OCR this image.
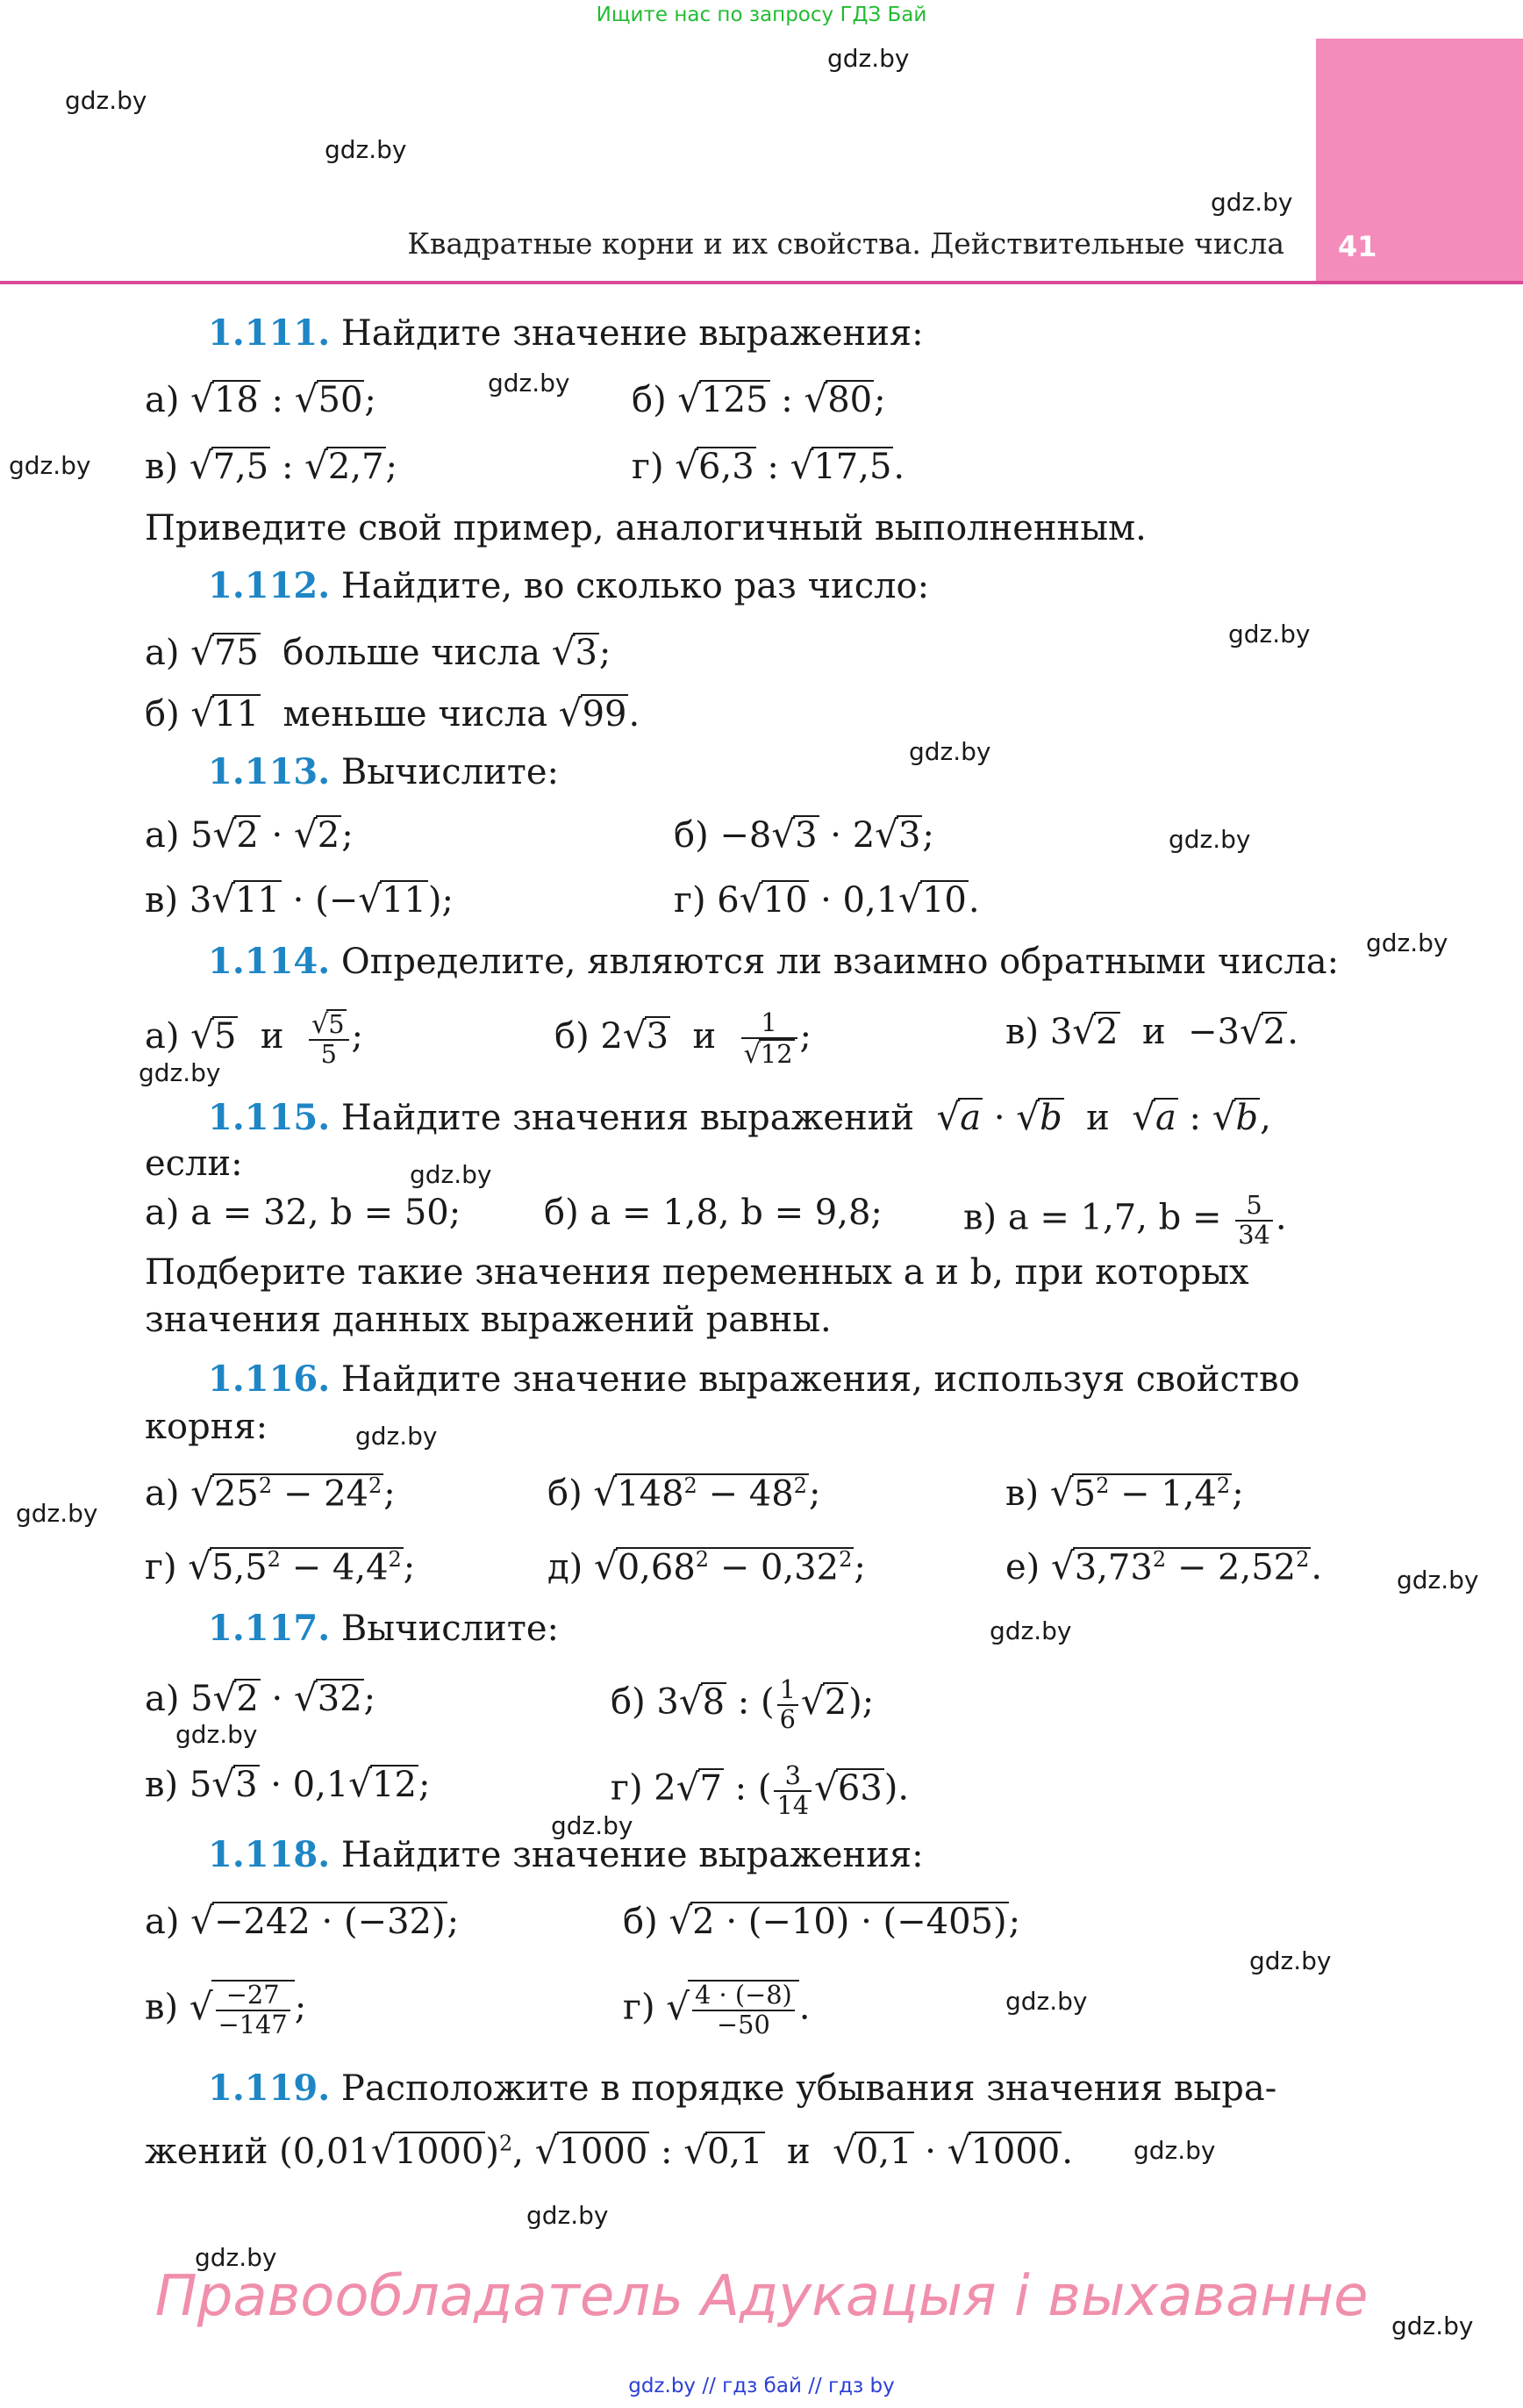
Ищите нас по запросу ГДЗ Бай
41
Квадратные корни и их свойства. Действительные числа
gdz.by
gdz.by
gdz.by
gdz.by
gdz.by
gdz.by
gdz.by
gdz.by
gdz.by
gdz.by
gdz.by
gdz.by
gdz.by
gdz.by
gdz.by
gdz.by
gdz.by
gdz.by
gdz.by
gdz.by
gdz.by
gdz.by
gdz.by
gdz.by
1.111. Найдите значение выражения:
а) √18 : √50;	б) √125 : √80;
в) √7,5 : √2,7;	г) √6,3 : √17,5.
Приведите свой пример, аналогичный выполненным.
1.112. Найдите, во сколько раз число:
а) √75 больше числа √3;
б) √11 меньше числа √99.
1.113. Вычислите:
а) 5√2 · √2;	б) −8√3 · 2√3;
в) 3√11 · (−√11);	г) 6√10 · 0,1√10.
1.114. Определите, являются ли взаимно обратными числа:
а) √5 и $\frac{√5}{5}$ ;	б) 2√3 и $\frac{1}{√12}$ ;	в) 3√2 и  −3√2.
1.115. Найдите значения выражений √a · √b и √a : √b,
если:
а) a = 32, b = 50; б) a = 1,8, b = 9,8; в) a = 1,7, $b = \frac{5}{34}$ .
Подберите такие значения переменных a и b, при которых
значения данных выражений равны.
1.116. Найдите значение выражения, используя свойство
корня:
а) $√25^2 - 24^2$;	б) $√148^2 - 48^2$;	в) $√5^2 - 1,4^2$;
г) $√5,5^2 - 4,4^2$;	д) $√0,68^2 - 0,32^2$;	е) $√3,73^2 - 2,52^2$.
1.117. Вычислите:
а) 5√2 · √32;	б) 3√8 : ( $\frac{1}{6} √2$);
в) 5√3 · 0,1√12;	г) 2√7 : ( $\frac{3}{14} √63$).
1.118. Найдите значение выражения:
а) √−242 · (−32);	б) √2 · (−10) · (−405);
в) √ $\frac{-27}{-147}$ ;	г) √ $\frac{4 \cdot (-8)}{-50}$ .
1.119. Расположите в порядке убывания значения выра-
жений $(0,01√1000)^2$, √1000 : √0,1 и √0,1 · √1000.
Правообладатель Адукацыя і выхаванне
gdz.by // гдз бай // гдз by
